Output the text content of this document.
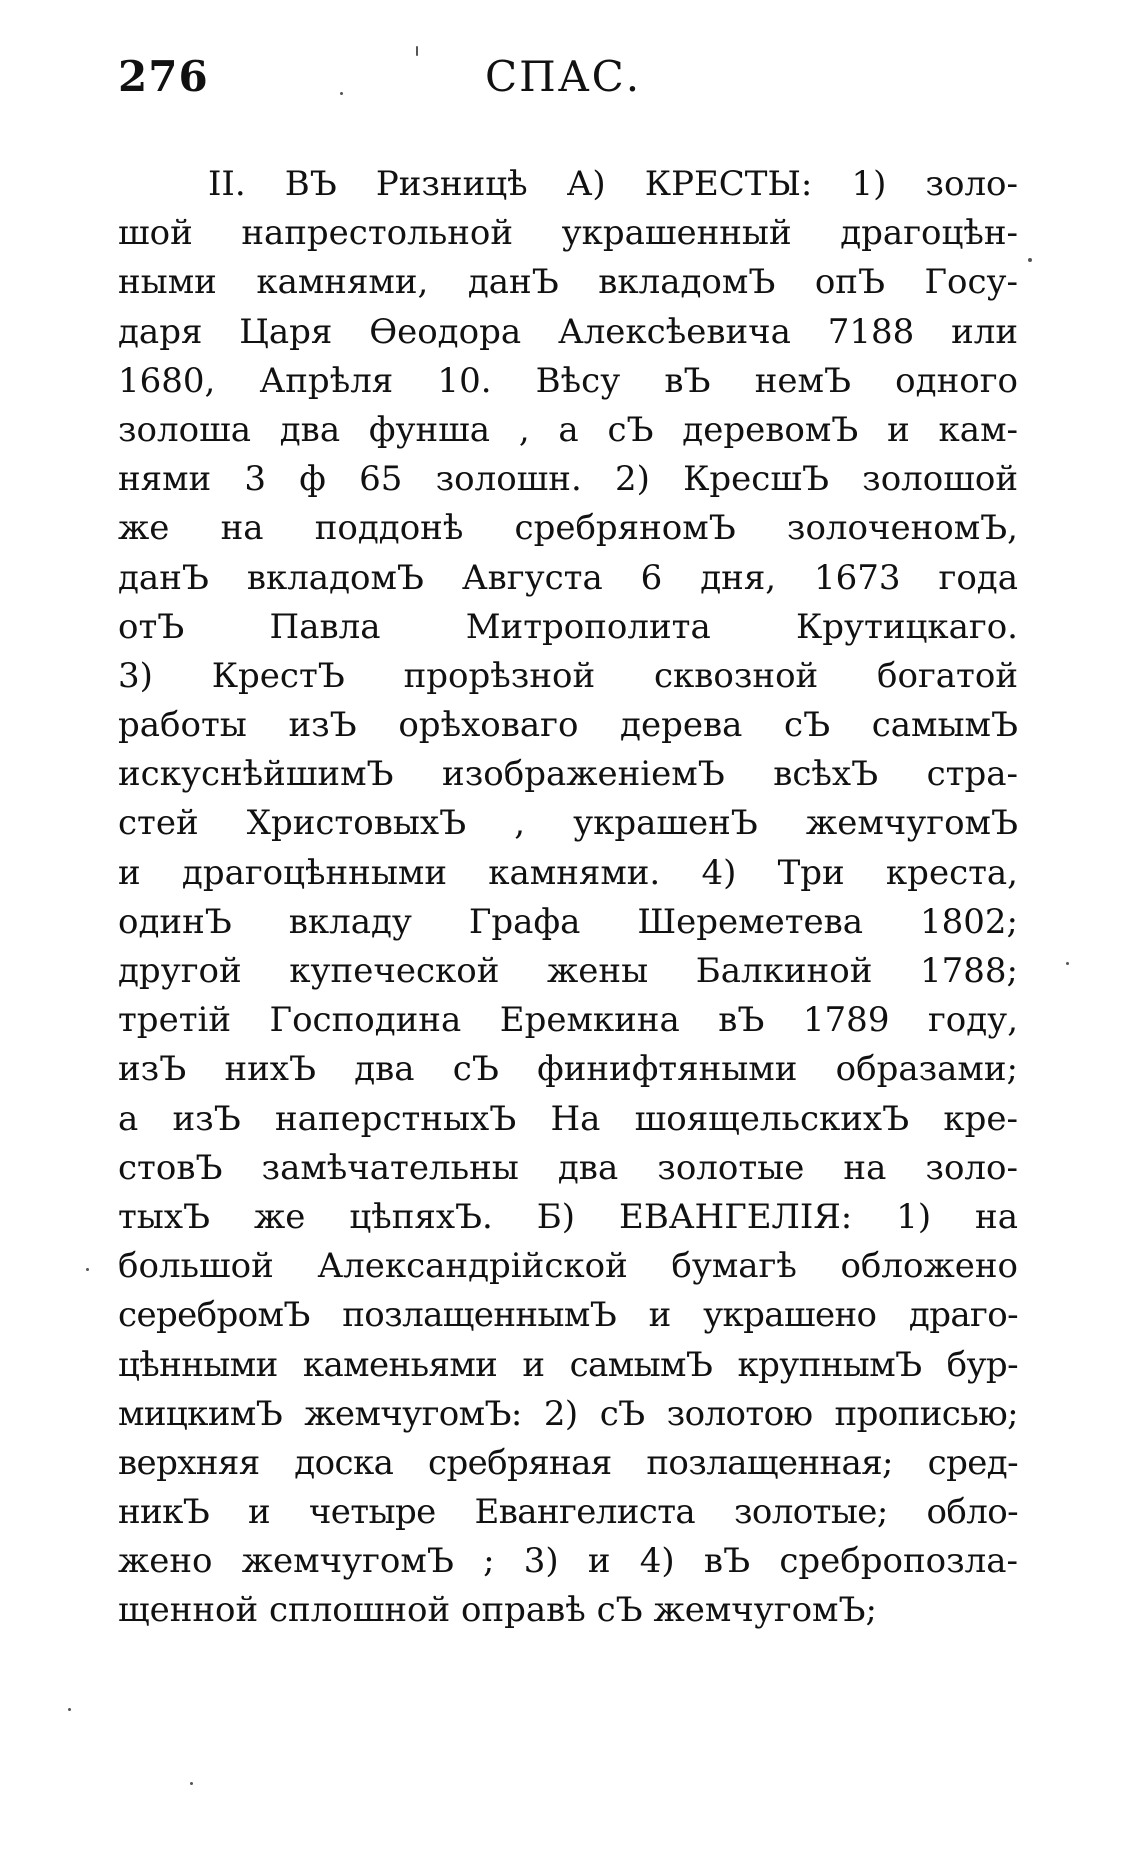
276	СПАС.
II. ВЪ Ризницѣ А) КРЕСТЫ: 1) золо-
шой напрестольной украшенный драгоцѣн-
ными камнями, данЪ вкладомЪ опЪ Госу-
даря Царя Ѳеодора Алексѣевича 7188 или
1680, Апрѣля 10. Вѣсу вЪ немЪ одного
золоша два фунша , а сЪ деревомЪ и кам-
нями 3 ф 65 золошн. 2) КресшЪ золошой
же на поддонѣ сребряномЪ золоченомЪ,
данЪ вкладомЪ Августа 6 дня, 1673 года
отЪ Павла Митрополита Крутицкаго.
3) КрестЪ прорѣзной сквозной богатой
работы изЪ орѣховаго дерева сЪ самымЪ
искуснѣйшимЪ изображенiемЪ всѣхЪ стра-
стей ХристовыхЪ , украшенЪ жемчугомЪ
и драгоцѣнными камнями. 4) Три креста,
одинЪ вкладу Графа Шереметева 1802;
другой купеческой жены Балкиной 1788;
третiй Господина Еремкина вЪ 1789 году,
изЪ нихЪ два сЪ финифтяными образами;
а изЪ наперстныхЪ На шоящельскихЪ кре-
стовЪ замѣчательны два золотые на золо-
тыхЪ же цѣпяхЪ. Б) ЕВАНГЕЛIЯ: 1) на
большой Александрiйской бумагѣ обложено
серебромЪ позлащеннымЪ и украшено драго-
цѣнными каменьями и самымЪ крупнымЪ бур-
мицкимЪ жемчугомЪ: 2) сЪ золотою прописью;
верхняя доска сребряная позлащенная; сред-
никЪ и четыре Евангелиста золотые; обло-
жено жемчугомЪ ; 3) и 4) вЪ сребропозла-
щенной сплошной оправѣ сЪ жемчугомЪ;
